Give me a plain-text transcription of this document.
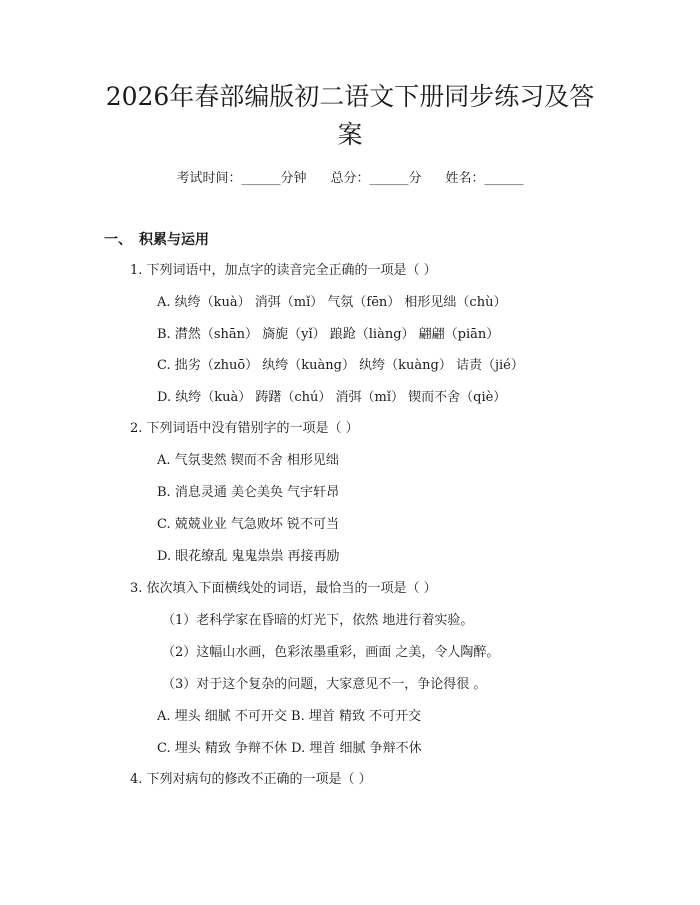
2026年春部编版初二语文下册同步练习及答
案
考试时间：______分钟 总分：______分 姓名：______
一、　积累与运用
1. 下列词语中，加点字的读音完全正确的一项是（ ）
A. 纨绔（kuà） 消弭（mǐ） 气氛（fēn） 相形见绌（chù）
B. 潸然（shān） 旖旎（yǐ） 踉跄（liàng） 翩翩（piān）
C. 拙劣（zhuō） 纨绔（kuàng） 纨绔（kuàng） 诘责（jié）
D. 纨绔（kuà） 踌躇（chú） 消弭（mǐ） 锲而不舍（qiè）
2. 下列词语中没有错别字的一项是（ ）
A. 气氛斐然 锲而不舍 相形见绌
B. 消息灵通 美仑美奂 气宇轩昂
C. 兢兢业业 气急败坏 锐不可当
D. 眼花缭乱 鬼鬼祟祟 再接再励
3. 依次填入下面横线处的词语，最恰当的一项是（ ）
（1）老科学家在昏暗的灯光下，依然 地进行着实验。
（2）这幅山水画，色彩浓墨重彩，画面 之美，令人陶醉。
（3）对于这个复杂的问题，大家意见不一，争论得很 。
A. 埋头 细腻 不可开交 B. 埋首 精致 不可开交
C. 埋头 精致 争辩不休 D. 埋首 细腻 争辩不休
4. 下列对病句的修改不正确的一项是（ ）
